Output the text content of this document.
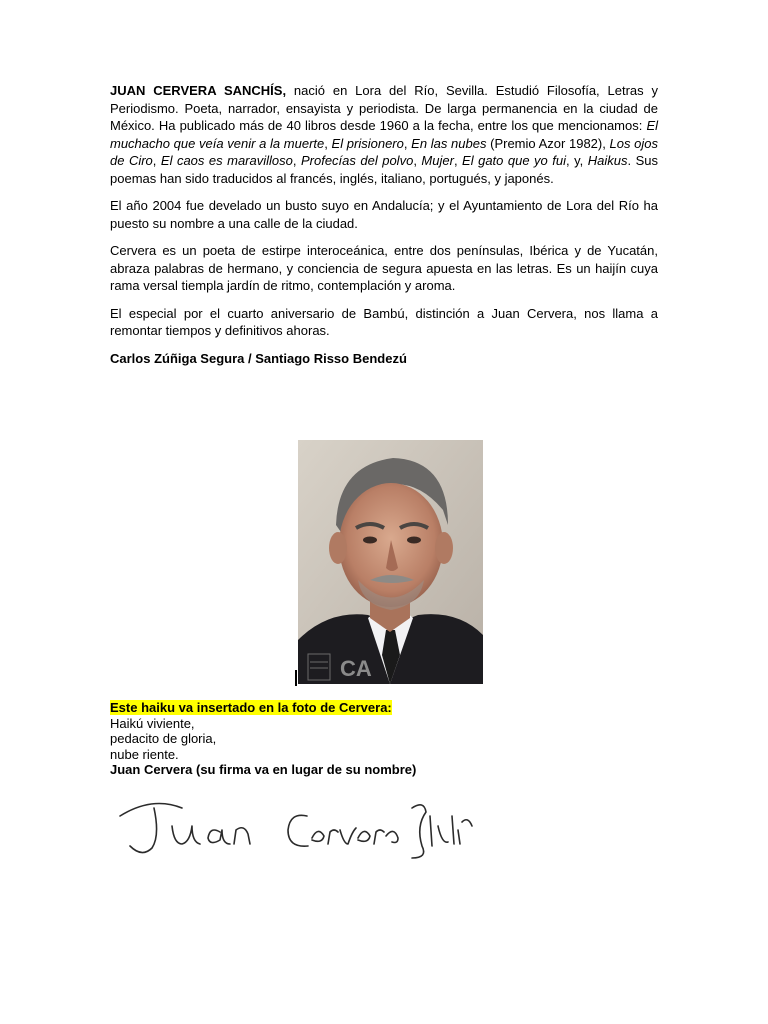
JUAN CERVERA SANCHÍS, nació en Lora del Río, Sevilla. Estudió Filosofía, Letras y Periodismo. Poeta, narrador, ensayista y periodista. De larga permanencia en la ciudad de México. Ha publicado más de 40 libros desde 1960 a la fecha, entre los que mencionamos: El muchacho que veía venir a la muerte, El prisionero, En las nubes (Premio Azor 1982), Los ojos de Ciro, El caos es maravilloso, Profecías del polvo, Mujer, El gato que yo fui, y, Haikus. Sus poemas han sido traducidos al francés, inglés, italiano, portugués, y japonés.

El año 2004 fue develado un busto suyo en Andalucía; y el Ayuntamiento de Lora del Río ha puesto su nombre a una calle de la ciudad.

Cervera es un poeta de estirpe interoceánica, entre dos penínsulas, Ibérica y de Yucatán, abraza palabras de hermano, y conciencia de segura apuesta en las letras. Es un haijín cuya rama versal tiempla jardín de ritmo, contemplación y aroma.

El especial por el cuarto aniversario de Bambú, distinción a Juan Cervera, nos llama a remontar tiempos y definitivos ahoras.

Carlos Zúñiga Segura / Santiago Risso Bendezú

CA
Este haiku va insertado en la foto de Cervera:
Haikú viviente,
pedacito de gloria,
nube riente.
Juan Cervera (su firma va en lugar de su nombre)
